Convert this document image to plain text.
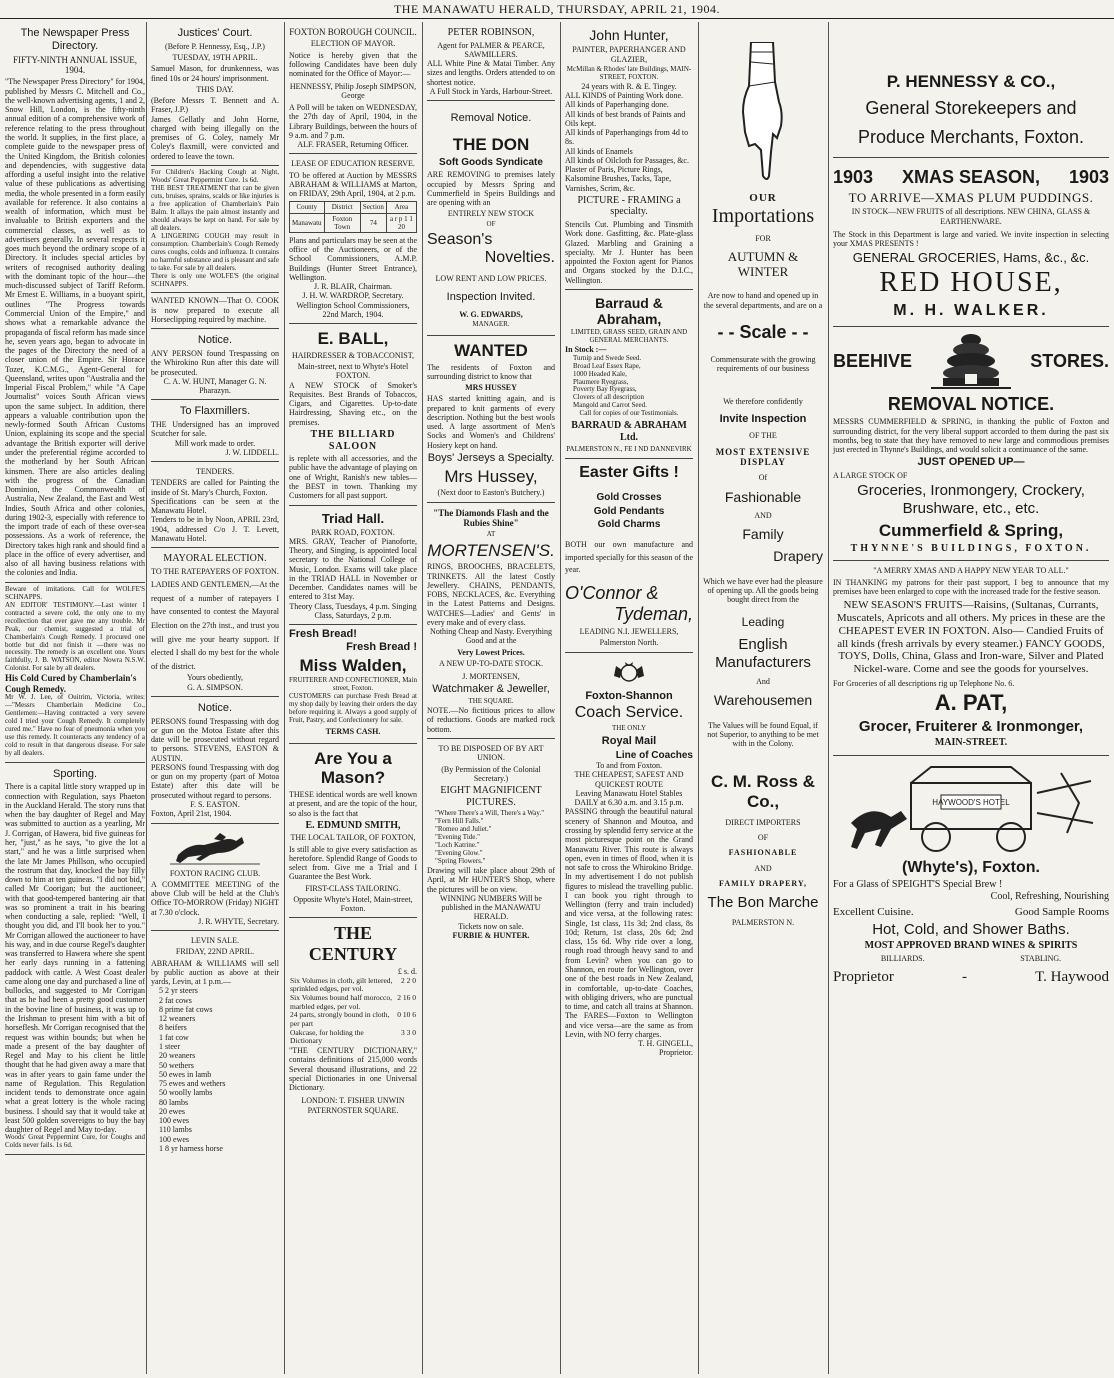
THE MANAWATU HERALD, THURSDAY, APRIL 21, 1904.
The Newspaper Press Directory.
FIFTY-NINTH ANNUAL ISSUE, 1904.

"The Newspaper Press Directory" for 1904, published by Messrs C. Mitchell and Co., the well-known advertising agents, 1 and 2, Snow Hill, London, is the fifty-ninth annual edition of a comprehensive work of reference relating to the press throughout the world. It supplies, in the first place, a complete guide to the newspaper press of the United Kingdom, the British colonies and dependencies, with suggestive data affording a useful insight into the relative value of these publications as advertising media, the whole presented in a form easily available for reference. It also contains a wealth of information, which must be invaluable to British exporters and the commercial classes, as well as to advertisers generally. In several respects it goes much beyond the ordinary scope of a Directory. It includes special articles by writers of recognised authority dealing with the dominant topic of the hour—the much-discussed subject of Tariff Reform. Mr Ernest E. Williams, in a buoyant spirit, outlines "The Progress towards Commercial Union of the Empire," and shows what a remarkable advance the propaganda of fiscal reform has made since he, seven years ago, began to advocate in the pages of the Directory the need of a closer union of the Empire. Sir Horace Tozer, K.C.M.G., Agent-General for Queensland, writes upon "Australia and the Imperial Fiscal Problem," while "A Cape Journalist" voices South African views upon the same subject. In addition, there appears a valuable contribution upon the newly-formed South African Customs Union, explaining its scope and the special advantage the British exporter will derive under the preferential régime accorded to the motherland by her South African kinsmen. There are also articles dealing with the progress of the Canadian Dominion, the Commonwealth of Australia, New Zealand, the East and West Indies, South Africa and other colonies, during 1902-3, especially with reference to the import trade of each of these over-sea possessions. As a work of reference, the Directory takes high rank and should find a place in the office of every advertiser, and also of all having business relations with the colonies and India.

Beware of imitations. Call for WOLFE'S SCHNAPPS.

AN EDITOR' TESTIMONY.—Last winter I contracted a severe cold, the only one to my recollection that ever gave me any trouble. Mr Peak, our chemist, suggested a trial of Chamberlain's Cough Remedy. I procured one bottle but did not finish it —there was no necessity. The remedy is an excellent one. Yours faithfully, J. B. WATSON, editor Nowra N.S.W. Colonist. For sale by all dealers.

His Cold Cured by Chamberlain's Cough Remedy.

Mr W. J. Lee, of Ouitrim, Victoria, writes:—"Messrs Chamberlain Medicine Co., Gentlemen:—Having contracted a very severe cold I tried your Cough Remedy. It completely cured me." Have no fear of pneumonia when you use this remedy. It counteracts any tendency of a cold to result in that dangerous disease. For sale by all dealers.

Sporting.

There is a capital little story wrapped up in connection with Regulation, says Phaeton in the Auckland Herald. The story runs that when the bay daughter of Regel and May was submitted to auction as a yearling, Mr J. Corrigan, of Hawera, bid five guineas for her, "just," as he says, "to give the lot a start," and he was a little surprised when the late Mr James Phillson, who occupied the rostrum that day, knocked the bay filly down to him at ten guineas. "I did not bid," called Mr Coorigan; but the auctioneer, with that good-tempered bantering air that was so prominent a trait in his bearing when conducting a sale, replied: "Well, I thought you did, and I'll book her to you." Mr Corrigan allowed the auctioneer to have his way, and in due course Regel's daughter was transferred to Hawera where she spent her early days running in a fattening paddock with cattle. A West Coast dealer came along one day and purchased a line of bullocks, and suggested to Mr Corrigan that as he had been a pretty good customer in the bovine line of business, it was up to the Irishman to present him with a bit of horseflesh. Mr Corrigan recognised that the request was within bounds; but when he made a present of the bay daughter of Regel and May to his client he little thought that he had given away a mare that was in after years to gain fame under the name of Regulation. This Regulation incident tends to demonstrate once again what a great lottery is the whole racing business. I should say that it would take at least 500 golden sovereigns to buy the bay daughter of Regel and May to-day.

Woods' Great Peppermint Cure, for Coughs and Colds never fails. 1s 6d.

Justices' Court.
(Before P. Hennessy, Esq., J.P.)
TUESDAY, 19TH APRIL.

Samuel Mason, for drunkenness, was fined 10s or 24 hours' imprisonment.

THIS DAY.

(Before Messrs T. Bennett and A. Fraser, J.P.)

James Gellatly and John Horne, charged with being illegally on the premises of G. Coley, namely Mr Coley's flaxmill, were convicted and ordered to leave the town.

For Children's Hacking Cough at Night, Woods' Great Peppermint Cure. 1s 6d.

THE BEST TREATMENT that can be given cuts, bruises, sprains, scalds or like injuries is a free application of Chamberlain's Pain Balm. It allays the pain almost instantly and should always be kept on hand. For sale by all dealers.

A LINGERING COUGH may result in consumption. Chamberlain's Cough Remedy cures coughs, colds and influenza. It contains no harmful substance and is pleasant and safe to take. For sale by all dealers.

There is only one WOLFE'S (the original SCHNAPPS.

WANTED KNOWN—That O. COOK is now prepared to execute all Horseclipping required by machine.

Notice.

ANY PERSON found Trespassing on the Whirokino Run after this date will be prosecuted.

C. A. W. HUNT, Manager G. N. Pharazyn.
To Flaxmillers.

THE Undersigned has an improved Scutcher for sale.

Mill work made to order.
J. W. LIDDELL.
TENDERS.

TENDERS are called for Painting the inside of St. Mary's Church, Foxton.

Specifications can be seen at the Manawatu Hotel.

Tenders to be in by Noon, APRIL 23rd, 1904, addressed C/o J. T. Levett, Manawatu Hotel.

MAYORAL ELECTION.
TO THE RATEPAYERS OF FOXTON.

LADIES AND GENTLEMEN,—At the request of a number of ratepayers I have consented to contest the Mayoral Election on the 27th inst., and trust you will give me your hearty support. If elected I shall do my best for the whole of the district.

Yours obediently,
G. A. SIMPSON.
Notice.

PERSONS found Trespassing with dog or gun on the Motoa Estate after this date will be prosecuted without regard to persons. STEVENS, EASTON & AUSTIN.

PERSONS found Trespassing with dog or gun on my property (part of Motoa Estate) after this date will be prosecuted without regard to persons.

F. S. EASTON.
Foxton, April 21st, 1904.
FOXTON RACING CLUB.

A COMMITTEE MEETING of the above Club will be held at the Club's Office TO-MORROW (Friday) NIGHT at 7.30 o'clock.

J. R. WHYTE, Secretary.
LEVIN SALE.
FRIDAY, 22ND APRIL.

ABRAHAM & WILLIAMS will sell by public auction as above at their yards, Levin, at 1 p.m.—

5 2 yr steers
2 fat cows
8 prime fat cows
12 weaners
8 heifers
1 fat cow
1 steer
20 weaners
50 wethers
50 ewes in lamb
75 ewes and wethers
50 woolly lambs
80 lambs
20 ewes
100 ewes
110 lambs
100 ewes
1 8 yr harness horse
FOXTON BOROUGH COUNCIL.
ELECTION OF MAYOR.

Notice is hereby given that the following Candidates have been duly nominated for the Office of Mayor:—

HENNESSY, Philip Joseph SIMPSON, George

A Poll will be taken on WEDNESDAY, the 27th day of April, 1904, in the Library Buildings, between the hours of 9 a.m. and 7 p.m.

ALF. FRASER, Returning Officer.
LEASE OF EDUCATION RESERVE.

TO be offered at Auction by MESSRS ABRAHAM & WILLIAMS at Marton, on FRIDAY, 29th April, 1904, at 2 p.m.

County	District	Section	Area
Manawatu	Foxton Town	74	a r p 1 1 20

Plans and particulars may be seen at the office of the Auctioneers, or of the School Commissioners, A.M.P. Buildings (Hunter Street Entrance), Wellington.

J. R. BLAIR, Chairman.
J. H. W. WARDROP, Secretary.
Wellington School Commissioners, 22nd March, 1904.
E. BALL,
HAIRDRESSER & TOBACCONIST,
Main-street, next to Whyte's Hotel FOXTON.

A NEW STOCK of Smoker's Requisites. Best Brands of Tobaccos, Cigars, and Cigarettes. Up-to-date Hairdressing, Shaving etc., on the premises.

THE BILLIARD SALOON

is replete with all accessories, and the public have the advantage of playing on one of Wright, Ranish's new tables—the BEST in town. Thanking my Customers for all past support.

Triad Hall.
PARK ROAD, FOXTON.

MRS. GRAY, Teacher of Pianoforte, Theory, and Singing, is appointed local secretary to the National College of Music, London. Exams will take place in the TRIAD HALL in November or December. Candidates names will be entered to 31st May.

Theory Class, Tuesdays, 4 p.m. Singing Class, Saturdays, 2 p.m.
Fresh Bread!
Fresh Bread !
Miss Walden,
FRUITERER AND CONFECTIONER, Main street, Foxton.

CUSTOMERS can purchase Fresh Bread at my shop daily by leaving their orders the day before requiring it. Always a good supply of Fruit, Pastry, and Confectionery for sale.

TERMS CASH.
Are You a Mason?

THESE identical words are well known at present, and are the topic of the hour, so also is the fact that

E. EDMUND SMITH,
THE LOCAL TAILOR, OF FOXTON,

Is still able to give every satisfaction as heretofore. Splendid Range of Goods to select from. Give me a Trial and I Guarantee the Best Work.

FIRST-CLASS TAILORING.
Opposite Whyte's Hotel, Main-street, Foxton.
THE CENTURY
£ s. d.
Six Volumes in cloth, gilt lettered, sprinkled edges, per vol.	2 2 0
Six Volumes bound half morocco, marbled edges, per vol.	2 16 0
24 parts, strongly bound in cloth, per part	0 10 6
Oakcase, for holding the Dictionary	3 3 0

"THE CENTURY DICTIONARY," contains definitions of 215,000 words Several thousand illustrations, and 22 special Dictionaries in one Universal Dictionary.

LONDON: T. FISHER UNWIN PATERNOSTER SQUARE.
PETER ROBINSON,
Agent for PALMER & PEARCE,
SAWMILLERS.

ALL White Pine & Matai Timber. Any sizes and lengths. Orders attended to on shortest notice.

A Full Stock in Yards, Harbour-Street.
Removal Notice.
THE DON
Soft Goods Syndicate

ARE REMOVING to premises lately occupied by Messrs Spring and Cummerfield in Speirs Buildings and are opening with an

ENTIRELY NEW STOCK
OF
Season's
Novelties.
LOW RENT AND LOW PRICES.
Inspection Invited.
W. G. EDWARDS,
MANAGER.
WANTED

The residents of Foxton and surrounding district to know that

MRS HUSSEY

HAS started knitting again, and is prepared to knit garments of every description. Nothing but the best wools used. A large assortment of Men's Socks and Women's and Childrens' Hosiery kept on hand.

Boys' Jerseys a Specialty.
Mrs Hussey,
(Next door to Easton's Butchery.)
"The Diamonds Flash and the Rubies Shine"
AT
MORTENSEN'S.

RINGS, BROOCHES, BRACELETS, TRINKETS. All the latest Costly Jewellery. CHAINS, PENDANTS, FOBS, NECKLACES, &c. Everything in the Latest Patterns and Designs. WATCHES—Ladies' and Gents' in every make and of every class.

Nothing Cheap and Nasty. Everything Good and at the
Very Lowest Prices.
A NEW UP-TO-DATE STOCK.
J. MORTENSEN,
Watchmaker & Jeweller,
THE SQUARE.

NOTE.—No fictitious prices to allow of reductions. Goods are marked rock bottom.

TO BE DISPOSED OF BY ART UNION.
(By Permission of the Colonial Secretary.)
EIGHT MAGNIFICENT PICTURES.
"Where There's a Will, There's a Way."
"Fern Hill Falls."
"Romeo and Juliet."
"Evening Tide."
"Loch Katrine."
"Evening Glow."
"Spring Flowers."

Drawing will take place about 29th of April, at Mr HUNTER'S Shop, where the pictures will be on view.

WINNING NUMBERS Will be published in the MANAWATU HERALD.
Tickets now on sale.
FURBIE & HUNTER.
John Hunter,
PAINTER, PAPERHANGER AND GLAZIER,
McMillan & Rhodes' late Buildings, MAIN-STREET, FOXTON.
24 years with R. & E. Tingey.
ALL KINDS of Painting Work done.
All kinds of Paperhanging done.
All kinds of best brands of Paints and Oils kept.
All kinds of Paperhangings from 4d to 8s.
All kinds of Enamels
All kinds of Oilcloth for Passages, &c.
Plaster of Paris, Picture Rings, Kalsomine Brushes, Tacks, Tape, Varnishes, Scrim, &c.
PICTURE - FRAMING a specialty.

Stencils Cut. Plumbing and Tinsmith Work done. Gasfitting, &c. Plate-glass Glazed. Marbling and Graining a specialty. Mr J. Hunter has been appointed the Foxton agent for Pianos and Organs stocked by the D.I.C., Wellington.

Barraud & Abraham,
LIMITED, GRASS SEED, GRAIN AND GENERAL MERCHANTS.
In Stock :—
Turnip and Swede Seed.
Broad Leaf Essex Rape,
1000 Headed Kale,
Plaumere Ryegrass,
Poverty Bay Ryegrass,
Clovers of all description
Mangold and Carrot Seed.
Call for copies of our Testimonials.
BARRAUD & ABRAHAM Ltd.
PALMERSTON N., FE I ND DANNEVIRK
Easter Gifts !
Gold Crosses
Gold Pendants
Gold Charms

BOTH our own manufacture and imported specially for this season of the year.

O'Connor &
Tydeman,
LEADING N.I. JEWELLERS,
Palmerston North.
Foxton-Shannon
Coach Service.
THE ONLY
Royal Mail
Line of Coaches
To and from Foxton.
THE CHEAPEST, SAFEST AND QUICKEST ROUTE
Leaving Manawatu Hotel Stables DAILY at 6.30 a.m. and 3.15 p.m.

PASSING through the beautiful natural scenery of Shannon and Moutoa, and crossing by splendid ferry service at the most picturesque point on the Grand Manawatu River. This route is always open, even in times of flood, when it is not safe to cross the Whirokino Bridge. In my advertisement I do not publish figures to mislead the travelling public. I can book you right through to Wellington (ferry and train included) and vice versa, at the following rates: Single, 1st class, 11s 3d; 2nd class, 8s 10d; Return, 1st class, 20s 6d; 2nd class, 15s 6d. Why ride over a long, rough road through heavy sand to and from Levin? when you can go to Shannon, en route for Wellington, over one of the best roads in New Zealand, in comfortable, up-to-date Coaches, with obliging drivers, who are punctual to time, and catch all trains at Shannon. The FARES—Foxton to Wellington and vice versa—are the same as from Levin, with NO ferry charges.

T. H. GINGELL,
Proprietor.
OUR
Importations
FOR
AUTUMN & WINTER
Are now to hand and opened up in the several departments, and are on a
- - Scale - -
Commensurate with the growing requirements of our business
We therefore confidently
Invite Inspection
OF THE
MOST EXTENSIVE DISPLAY
Of
Fashionable
AND
Family
Drapery
Which we have ever had the pleasure of opening up. All the goods being bought direct from the
Leading
English Manufacturers
And
Warehousemen
The Values will be found Equal, if not Superior, to anything to be met with in the Colony.
C. M. Ross & Co.,
DIRECT IMPORTERS
OF
FASHIONABLE
AND
FAMILY DRAPERY,
The Bon Marche
PALMERSTON N.
P. HENNESSY & CO.,
General Storekeepers and Produce Merchants, Foxton.
1903 XMAS SEASON, 1903
TO ARRIVE—XMAS PLUM PUDDINGS.
IN STOCK—NEW FRUITS of all descriptions. NEW CHINA, GLASS & EARTHENWARE.

The Stock in this Department is large and varied. We invite inspection in selecting your XMAS PRESENTS !

GENERAL GROCERIES, Hams, &c., &c.
RED HOUSE,
M. H. WALKER.
BEEHIVE	STORES.
REMOVAL NOTICE.

MESSRS CUMMERFIELD & SPRING, in thanking the public of Foxton and surrounding district, for the very liberal support accorded to them during the past six months, beg to state that they have removed to new large and commodious premises just erected in Thynne's Buildings, and would solicit a continuance of the same.

JUST OPENED UP—
A LARGE STOCK OF
Groceries, Ironmongery, Crockery, Brushware, etc., etc.
Cummerfield & Spring,
THYNNE'S BUILDINGS, FOXTON.
"A MERRY XMAS AND A HAPPY NEW YEAR TO ALL."

IN THANKING my patrons for their past support, I beg to announce that my premises have been enlarged to cope with the increased trade for the festive season.

NEW SEASON'S FRUITS—Raisins, (Sultanas, Currants, Muscatels, Apricots and all others. My prices in these are the CHEAPEST EVER IN FOXTON. Also— Candied Fruits of all kinds (fresh arrivals by every steamer.) FANCY GOODS, TOYS, Dolls, China, Glass and Iron-ware, Silver and Plated Nickel-ware. Come and see the goods for yourselves.

For Groceries of all descriptions rig up Telephone No. 6.
A. PAT,
Grocer, Fruiterer & Ironmonger,
MAIN-STREET.
HAYWOOD'S HOTEL
(Whyte's), Foxton.
For a Glass of SPEIGHT'S Special Brew !
Cool, Refreshing, Nourishing
Excellent Cuisine.	Good Sample Rooms
Hot, Cold, and Shower Baths.
MOST APPROVED BRAND WINES & SPIRITS
BILLIARDS.	STABLING.
Proprietor	-	T. Haywood
